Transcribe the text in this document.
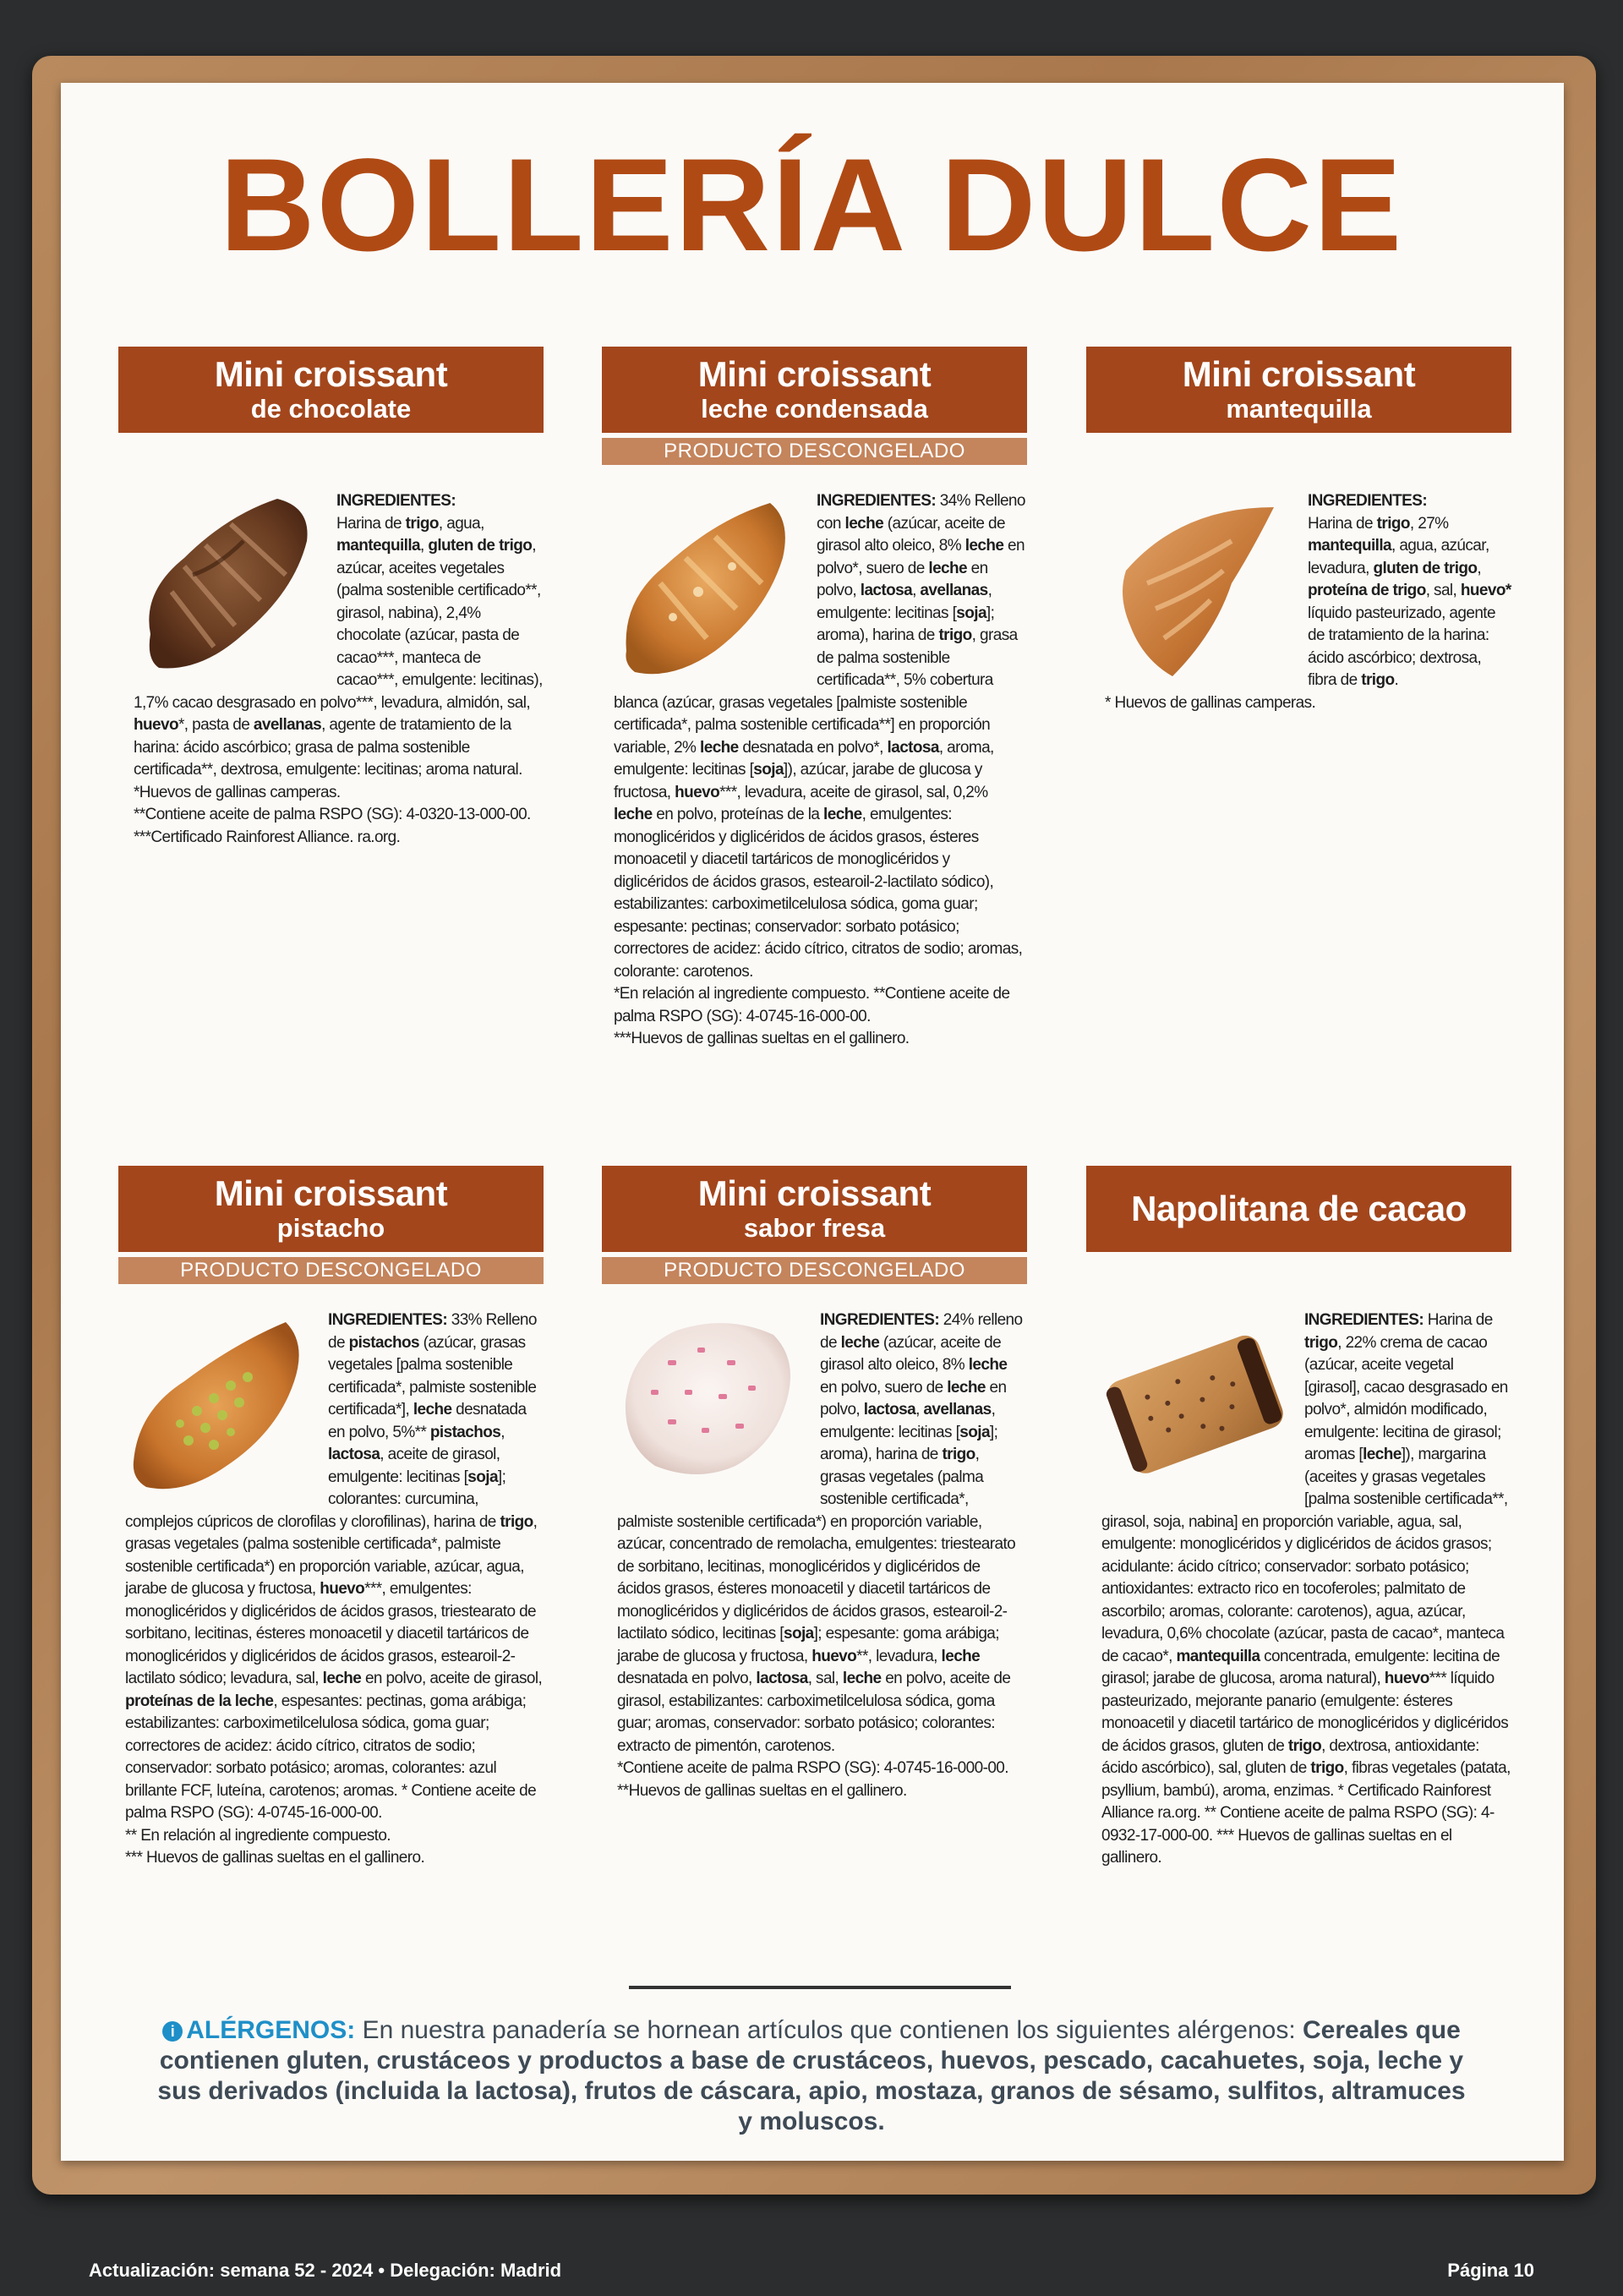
BOLLERÍA DULCE
Mini croissant
de chocolate
INGREDIENTES:
Harina de trigo, agua, mantequilla, gluten de trigo, azúcar, aceites vegetales (palma sostenible certificado**, girasol, nabina), 2,4% chocolate (azúcar, pasta de cacao***, manteca de cacao***, emulgente: lecitinas), 1,7% cacao desgrasado en polvo***, levadura, almidón, sal, huevo*, pasta de avellanas, agente de tratamiento de la harina: ácido ascórbico; grasa de palma sostenible certificada**, dextrosa, emulgente: lecitinas; aroma natural.
*Huevos de gallinas camperas.
**Contiene aceite de palma RSPO (SG): 4-0320-13-000-00.
***Certificado Rainforest Alliance. ra.org.
Mini croissant
leche condensada
PRODUCTO DESCONGELADO
INGREDIENTES: 34% Relleno con leche (azúcar, aceite de girasol alto oleico, 8% leche en polvo*, suero de leche en polvo, lactosa, avellanas, emulgente: lecitinas [soja]; aroma), harina de trigo, grasa de palma sostenible certificada**, 5% cobertura blanca (azúcar, grasas vegetales [palmiste sostenible certificada*, palma sostenible certificada**] en proporción variable, 2% leche desnatada en polvo*, lactosa, aroma, emulgente: lecitinas [soja]), azúcar, jarabe de glucosa y fructosa, huevo***, levadura, aceite de girasol, sal, 0,2% leche en polvo, proteínas de la leche, emulgentes: monoglicéridos y diglicéridos de ácidos grasos, ésteres monoacetil y diacetil tartáricos de monoglicéridos y diglicéridos de ácidos grasos, estearoil-2-lactilato sódico), estabilizantes: carboximetilcelulosa sódica, goma guar; espesante: pectinas; conservador: sorbato potásico; correctores de acidez: ácido cítrico, citratos de sodio; aromas, colorante: carotenos.
*En relación al ingrediente compuesto. **Contiene aceite de palma RSPO (SG): 4-0745-16-000-00.
***Huevos de gallinas sueltas en el gallinero.
Mini croissant
mantequilla
INGREDIENTES:
Harina de trigo, 27% mantequilla, agua, azúcar, levadura, gluten de trigo, proteína de trigo, sal, huevo* líquido pasteurizado, agente de tratamiento de la harina: ácido ascórbico; dextrosa, fibra de trigo.
* Huevos de gallinas camperas.
Mini croissant
pistacho
PRODUCTO DESCONGELADO
INGREDIENTES: 33% Relleno de pistachos (azúcar, grasas vegetales [palma sostenible certificada*, palmiste sostenible certificada*], leche desnatada en polvo, 5%** pistachos, lactosa, aceite de girasol, emulgente: lecitinas [soja]; colorantes: curcumina, complejos cúpricos de clorofilas y clorofilinas), harina de trigo, grasas vegetales (palma sostenible certificada*, palmiste sostenible certificada*) en proporción variable, azúcar, agua, jarabe de glucosa y fructosa, huevo***, emulgentes: monoglicéridos y diglicéridos de ácidos grasos, triestearato de sorbitano, lecitinas, ésteres monoacetil y diacetil tartáricos de monoglicéridos y diglicéridos de ácidos grasos, estearoil-2-lactilato sódico; levadura, sal, leche en polvo, aceite de girasol, proteínas de la leche, espesantes: pectinas, goma arábiga; estabilizantes: carboximetilcelulosa sódica, goma guar; correctores de acidez: ácido cítrico, citratos de sodio; conservador: sorbato potásico; aromas, colorantes: azul brillante FCF, luteína, carotenos; aromas. * Contiene aceite de palma RSPO (SG): 4-0745-16-000-00.
** En relación al ingrediente compuesto.
*** Huevos de gallinas sueltas en el gallinero.
Mini croissant
sabor fresa
PRODUCTO DESCONGELADO
INGREDIENTES: 24% relleno de leche (azúcar, aceite de girasol alto oleico, 8% leche en polvo, suero de leche en polvo, lactosa, avellanas, emulgente: lecitinas [soja]; aroma), harina de trigo, grasas vegetales (palma sostenible certificada*, palmiste sostenible certificada*) en proporción variable, azúcar, concentrado de remolacha, emulgentes: triestearato de sorbitano, lecitinas, monoglicéridos y diglicéridos de ácidos grasos, ésteres monoacetil y diacetil tartáricos de monoglicéridos y diglicéridos de ácidos grasos, estearoil-2-lactilato sódico, lecitinas [soja]; espesante: goma arábiga; jarabe de glucosa y fructosa, huevo**, levadura, leche desnatada en polvo, lactosa, sal, leche en polvo, aceite de girasol, estabilizantes: carboximetilcelulosa sódica, goma guar; aromas, conservador: sorbato potásico; colorantes: extracto de pimentón, carotenos.
*Contiene aceite de palma RSPO (SG): 4-0745-16-000-00.
**Huevos de gallinas sueltas en el gallinero.
Napolitana de cacao
INGREDIENTES: Harina de trigo, 22% crema de cacao (azúcar, aceite vegetal [girasol], cacao desgrasado en polvo*, almidón modificado, emulgente: lecitina de girasol; aromas [leche]), margarina (aceites y grasas vegetales [palma sostenible certificada**, girasol, soja, nabina] en proporción variable, agua, sal, emulgente: monoglicéridos y diglicéridos de ácidos grasos; acidulante: ácido cítrico; conservador: sorbato potásico; antioxidantes: extracto rico en tocoferoles; palmitato de ascorbilo; aromas, colorante: carotenos), agua, azúcar, levadura, 0,6% chocolate (azúcar, pasta de cacao*, manteca de cacao*, mantequilla concentrada, emulgente: lecitina de girasol; jarabe de glucosa, aroma natural), huevo*** líquido pasteurizado, mejorante panario (emulgente: ésteres monoacetil y diacetil tartárico de monoglicéridos y diglicéridos de ácidos grasos, gluten de trigo, dextrosa, antioxidante: ácido ascórbico), sal, gluten de trigo, fibras vegetales (patata, psyllium, bambú), aroma, enzimas. * Certificado Rainforest Alliance ra.org. ** Contiene aceite de palma RSPO (SG): 4-0932-17-000-00. *** Huevos de gallinas sueltas en el gallinero.
i ALÉRGENOS: En nuestra panadería se hornean artículos que contienen los siguientes alérgenos: Cereales que contienen gluten, crustáceos y productos a base de crustáceos, huevos, pescado, cacahuetes, soja, leche y sus derivados (incluida la lactosa), frutos de cáscara, apio, mostaza, granos de sésamo, sulfitos, altramuces y moluscos.
Actualización: semana 52 - 2024 • Delegación: Madrid	Página 10
